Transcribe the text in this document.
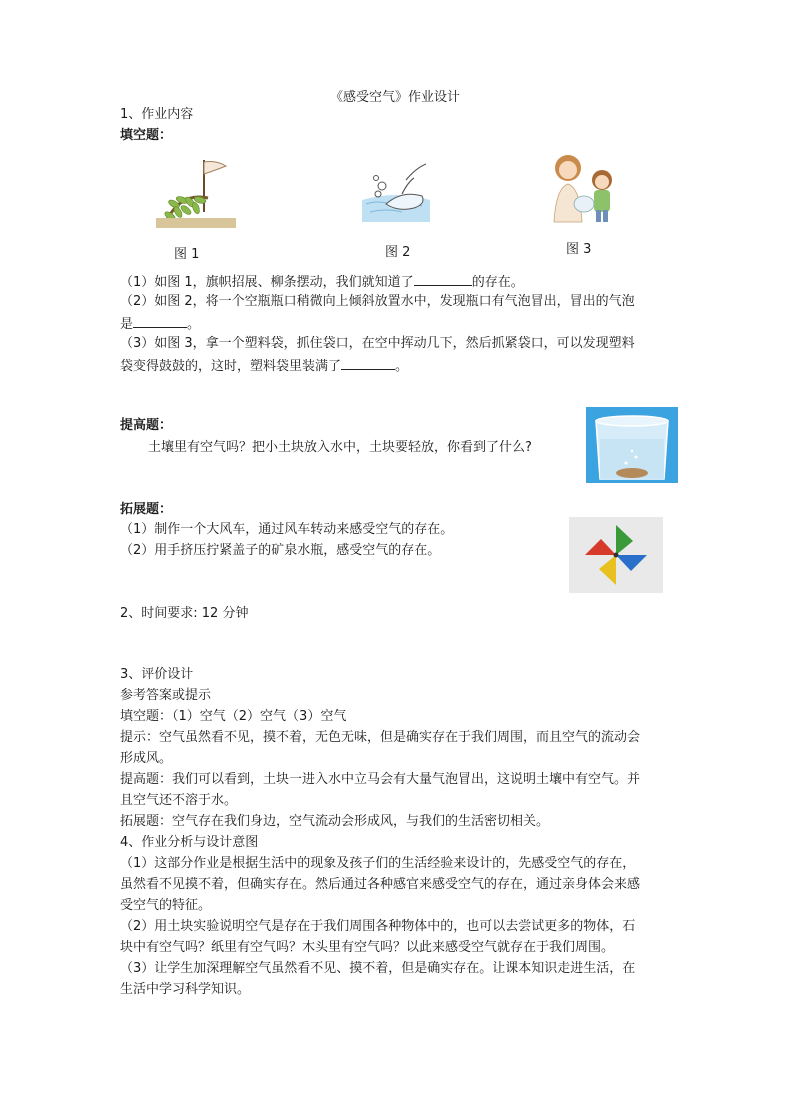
《感受空气》作业设计
1、作业内容
填空题：
图 1	图 2	图 3
（1）如图 1，旗帜招展、柳条摆动，我们就知道了	的存在。
（2）如图 2，将一个空瓶瓶口稍微向上倾斜放置水中，发现瓶口有气泡冒出，冒出的气泡
是	。
（3）如图 3，拿一个塑料袋，抓住袋口，在空中挥动几下，然后抓紧袋口，可以发现塑料
袋变得鼓鼓的，这时，塑料袋里装满了	。
提高题：
土壤里有空气吗？把小土块放入水中，土块要轻放，你看到了什么?
拓展题：
（1）制作一个大风车，通过风车转动来感受空气的存在。
（2）用手挤压拧紧盖子的矿泉水瓶，感受空气的存在。
2、时间要求: 12 分钟
3、评价设计
参考答案或提示
填空题：（1）空气（2）空气（3）空气
提示：空气虽然看不见，摸不着，无色无味，但是确实存在于我们周围，而且空气的流动会
形成风。
提高题：我们可以看到，土块一进入水中立马会有大量气泡冒出，这说明土壤中有空气。并
且空气还不溶于水。
拓展题：空气存在我们身边，空气流动会形成风，与我们的生活密切相关。
4、作业分析与设计意图
（1）这部分作业是根据生活中的现象及孩子们的生活经验来设计的，先感受空气的存在，
虽然看不见摸不着，但确实存在。然后通过各种感官来感受空气的存在，通过亲身体会来感
受空气的特征。
（2）用土块实验说明空气是存在于我们周围各种物体中的，也可以去尝试更多的物体，石
块中有空气吗？纸里有空气吗？木头里有空气吗？以此来感受空气就存在于我们周围。
（3）让学生加深理解空气虽然看不见、摸不着，但是确实存在。让课本知识走进生活，在
生活中学习科学知识。
